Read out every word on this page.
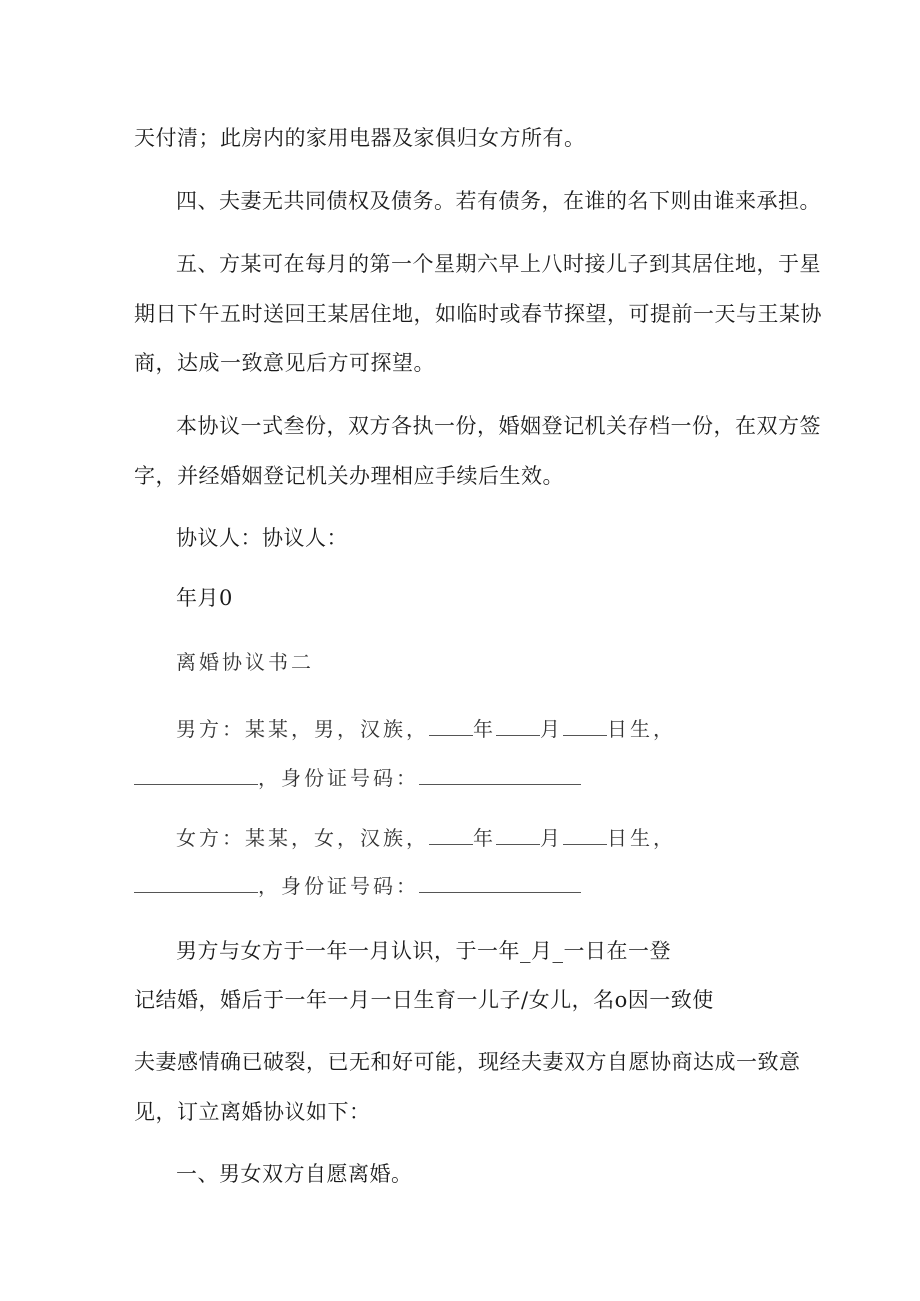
天付清；此房内的家用电器及家俱归女方所有。
四、夫妻无共同债权及债务。若有债务，在谁的名下则由谁来承担。
五、方某可在每月的第一个星期六早上八时接儿子到其居住地，于星
期日下午五时送回王某居住地，如临时或春节探望，可提前一天与王某协
商，达成一致意见后方可探望。
本协议一式叁份，双方各执一份，婚姻登记机关存档一份，在双方签
字，并经婚姻登记机关办理相应手续后生效。
协议人：协议人：
年月0
离婚协议书二
男方：某某，男，汉族， 年 月 日生，
，身份证号码：
女方：某某，女，汉族， 年 月 日生，
，身份证号码：
男方与女方于一年一月认识，于一年_月_一日在一登
记结婚，婚后于一年一月一日生育一儿子/女儿，名o因一致使
夫妻感情确已破裂，已无和好可能，现经夫妻双方自愿协商达成一致意
见，订立离婚协议如下：
一、男女双方自愿离婚。
